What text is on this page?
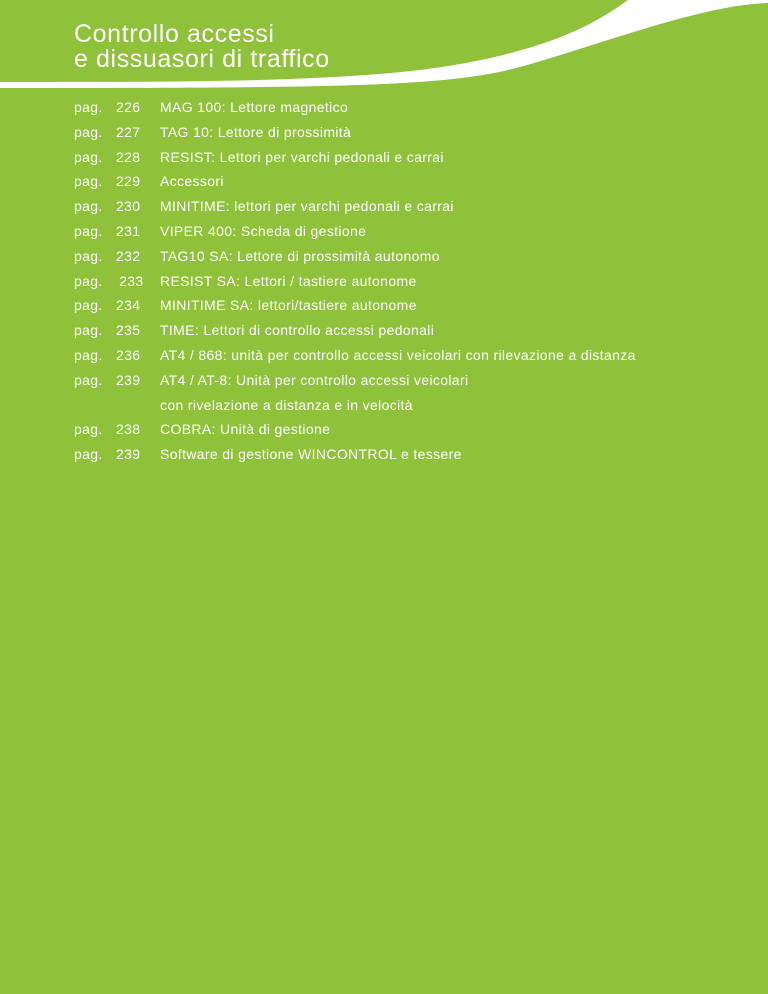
Controllo accessi
e dissuasori di traffico
pag. 226	MAG 100: Lettore magnetico
pag. 227	TAG 10: Lettore di prossimità
pag. 228	RESIST: Lettori per varchi pedonali e carrai
pag. 229	Accessori
pag. 230	MINITIME: lettori per varchi pedonali e carrai
pag. 231	VIPER 400: Scheda di gestione
pag. 232	TAG10 SA: Lettore di prossimità autonomo
pag.	233	RESIST SA: Lettori / tastiere autonome
pag. 234	MINITIME SA: lettori/tastiere autonome
pag. 235	TIME: Lettori di controllo accessi pedonali
pag. 236	AT4 / 868: unità per controllo accessi veicolari con rilevazione a distanza
pag. 239	AT4 / AT-8: Unità per controllo accessi veicolari
con rivelazione a distanza e in velocità
pag. 238	COBRA: Unità di gestione
pag. 239	Software di gestione WINCONTROL e tessere
